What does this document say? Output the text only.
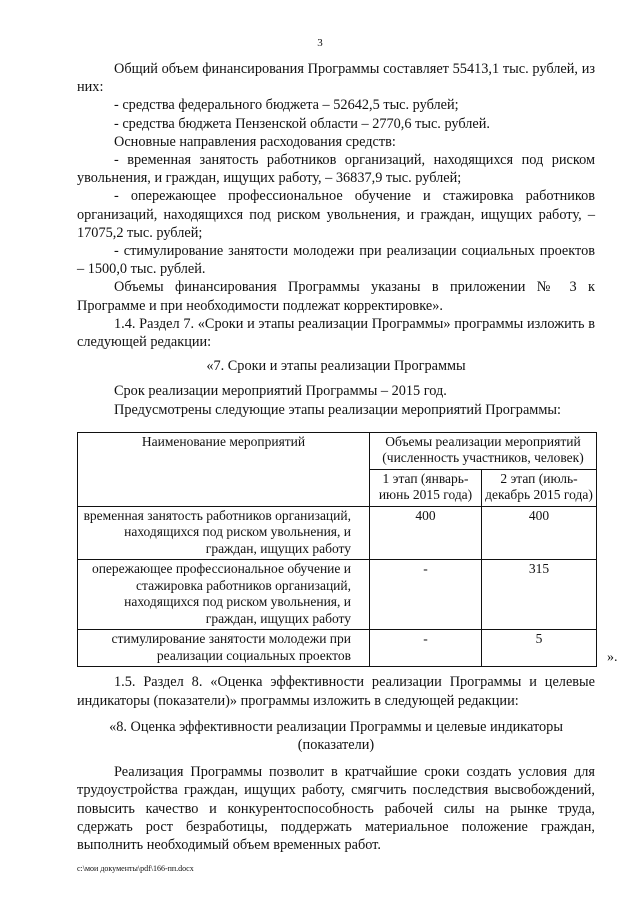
3

Общий объем финансирования Программы составляет 55413,1 тыс. рублей, из них:

- средства федерального бюджета – 52642,5 тыс. рублей;

- средства бюджета Пензенской области – 2770,6 тыс. рублей.

Основные направления расходования средств:

- временная занятость работников организаций, находящихся под риском увольнения, и граждан, ищущих работу, – 36837,9 тыс. рублей;

- опережающее профессиональное обучение и стажировка работников организаций, находящихся под риском увольнения, и граждан, ищущих работу, – 17075,2 тыс. рублей;

- стимулирование занятости молодежи при реализации социальных проектов – 1500,0 тыс. рублей.

Объемы финансирования Программы указаны в приложении № 3 к Программе и при необходимости подлежат корректировке».

1.4. Раздел 7. «Сроки и этапы реализации Программы» программы изложить в следующей редакции:

«7. Сроки и этапы реализации Программы

Срок реализации мероприятий Программы – 2015 год.

Предусмотрены следующие этапы реализации мероприятий Программы:

Наименование мероприятий	Объемы реализации мероприятий (численность участников, человек)	
	1 этап (январь-июнь 2015 года)	2 этап (июль-декабрь 2015 года)
временная занятость работников организаций, находящихся под риском увольнения, и граждан, ищущих работу	400	400
опережающее профессиональное обучение и стажировка работников организаций, находящихся под риском увольнения, и граждан, ищущих работу	-	315
стимулирование занятости молодежи при реализации социальных проектов	-	5
».

1.5. Раздел 8. «Оценка эффективности реализации Программы и целевые индикаторы (показатели)» программы изложить в следующей редакции:

«8. Оценка эффективности реализации Программы и целевые индикаторы (показатели)

Реализация Программы позволит в кратчайшие сроки создать условия для трудоустройства граждан, ищущих работу, смягчить последствия высвобождений, повысить качество и конкурентоспособность рабочей силы на рынке труда, сдержать рост безработицы, поддержать материальное положение граждан, выполнить необходимый объем временных работ.

c:\мои документы\pdf\166-пп.docx
